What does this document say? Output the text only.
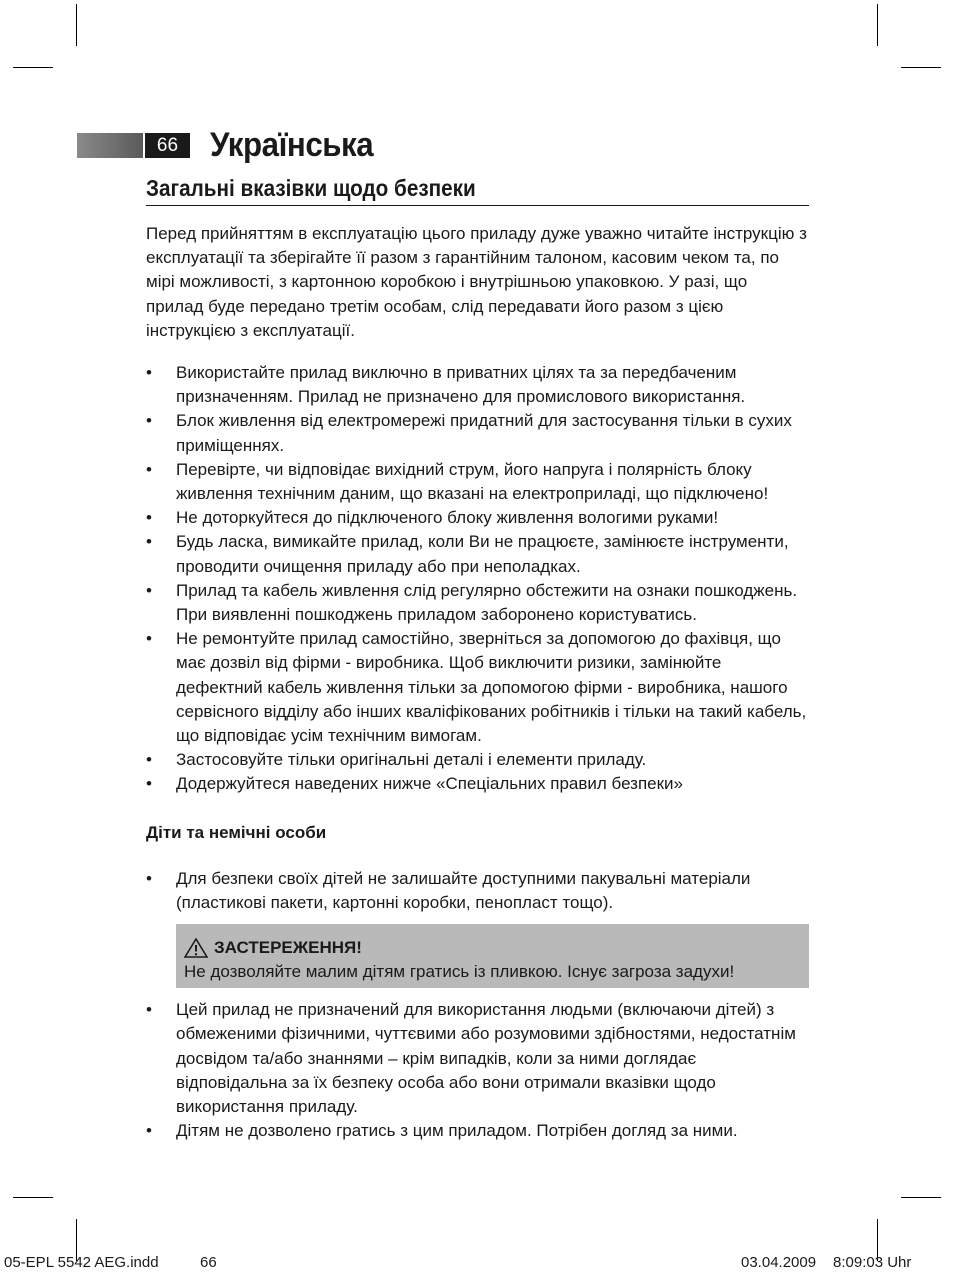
66 Українська
Загальні вказівки щодо безпеки

Перед прийняттям в експлуатацію цього приладу дуже уважно читайте інструкцію з експлуатації та зберігайте її разом з гарантійним талоном, касовим чеком та, по мірі можливості, з картонною коробкою і внутрішньою упаковкою. У разі, що прилад буде передано третім особам, слід передавати його разом з цією інструкцією з експлуатації.

• Використайте прилад виключно в приватних цілях та за передбаченим призначенням. Прилад не призначено для промислового використання.
• Блок живлення від електромережі придатний для застосування тільки в сухих приміщеннях.
• Перевірте, чи відповідає вихідний струм, його напруга і полярність блоку живлення технічним даним, що вказані на електроприладі, що підключено!
• Не доторкуйтеся до підключеного блоку живлення вологими руками!
• Будь ласка, вимикайте прилад, коли Ви не працюєте, замінюєте інструменти, проводити очищення приладу або при неполадках.
• Прилад та кабель живлення слід регулярно обстежити на ознаки пошкоджень. При виявленні пошкоджень приладом заборонено користуватись.
• Не ремонтуйте прилад самостійно, зверніться за допомогою до фахівця, що має дозвіл від фірми - виробника. Щоб виключити ризики, замінюйте дефектний кабель живлення тільки за допомогою фірми - виробника, нашого сервісного відділу або інших кваліфікованих робітників і тільки на такий кабель, що відповідає усім технічним вимогам.
• Застосовуйте тільки оригінальні деталі і елементи приладу.
• Додержуйтеся наведених нижче «Спеціальних правил безпеки»

Діти та немічні особи

• Для безпеки своїх дітей не залишайте доступними пакувальні матеріали (пластикові пакети, картонні коробки, пенопласт тощо).
ЗАСТЕРЕЖЕННЯ!
Не дозволяйте малим дітям гратись із пливкою. Існує загроза задухи!
• Цей прилад не призначений для використання людьми (включаючи дітей) з обмеженими фізичними, чуттєвими або розумовими здібностями, недостатнім досвідом та/або знаннями – крім випадків, коли за ними доглядає відповідальна за їх безпеку особа або вони отримали вказівки щодо використання приладу.
• Дітям не дозволено гратись з цим приладом. Потрібен догляд за ними.
05-EPL 5542 AEG.indd	66	03.04.2009 8:09:03 Uhr
